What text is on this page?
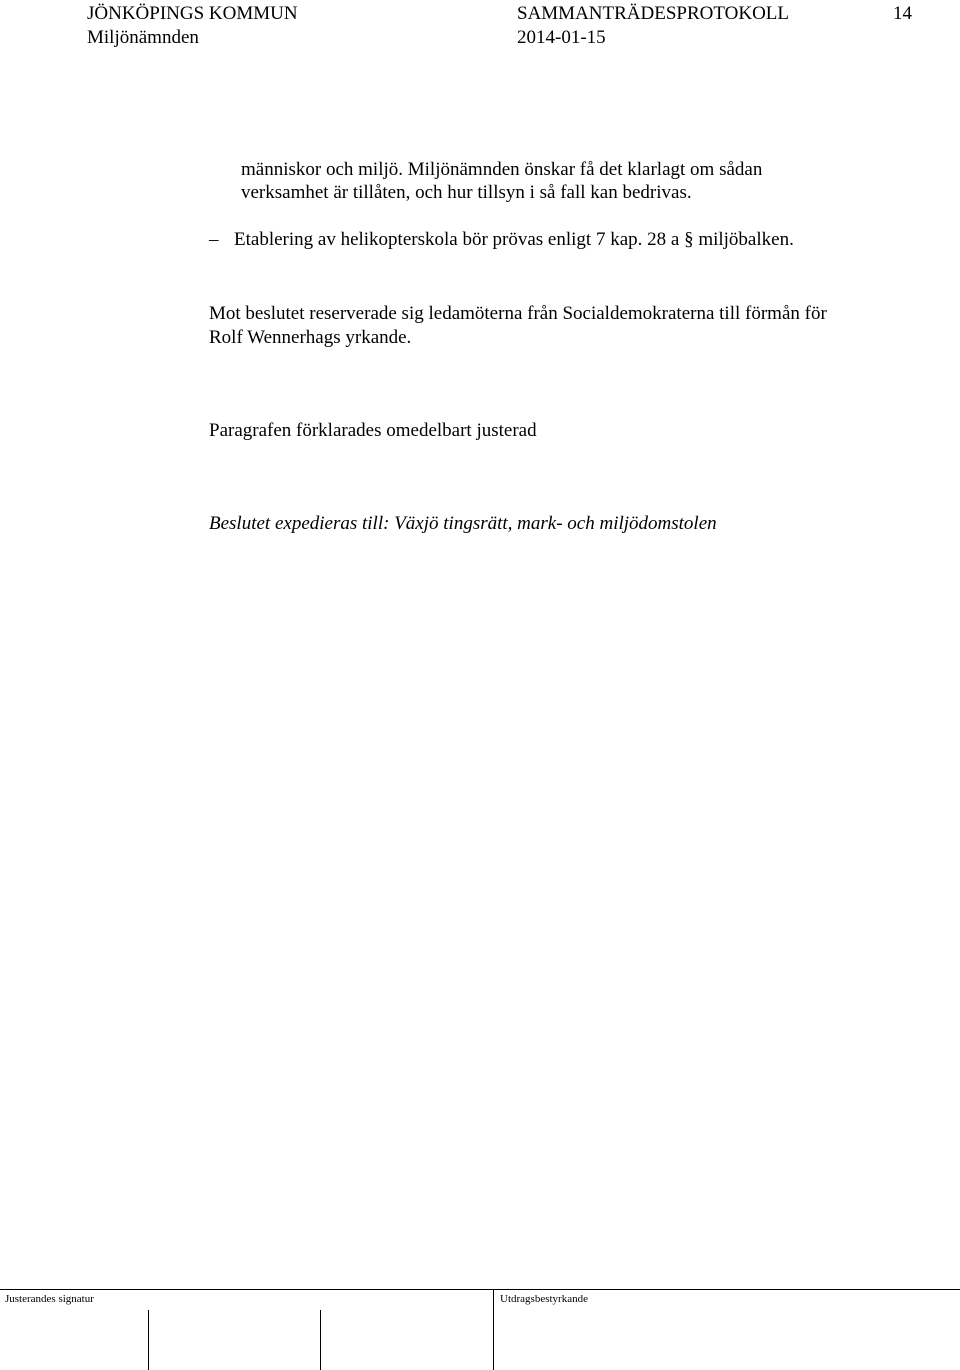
JÖNKÖPINGS KOMMUN
Miljönämnden
SAMMANTRÄDESPROTOKOLL
2014-01-15
14
människor och miljö. Miljönämnden önskar få det klarlagt om sådan
verksamhet är tillåten, och hur tillsyn i så fall kan bedrivas.
– Etablering av helikopterskola bör prövas enligt 7 kap. 28 a § miljöbalken.
Mot beslutet reserverade sig ledamöterna från Socialdemokraterna till förmån för
Rolf Wennerhags yrkande.
Paragrafen förklarades omedelbart justerad
Beslutet expedieras till: Växjö tingsrätt, mark- och miljödomstolen
Justerandes signatur	Utdragsbestyrkande
